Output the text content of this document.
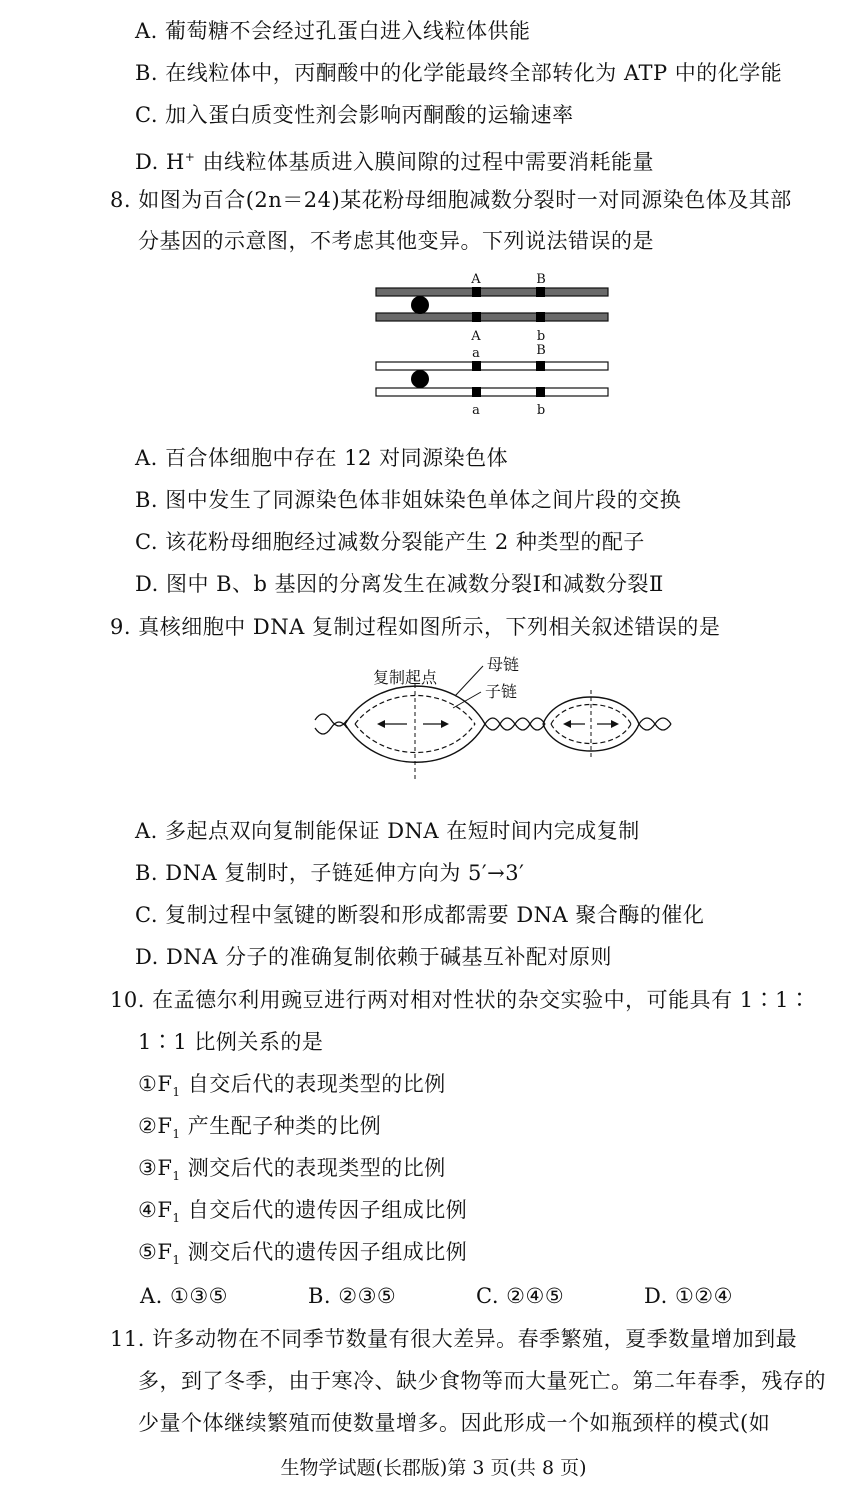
A. 葡萄糖不会经过孔蛋白进入线粒体供能
B. 在线粒体中，丙酮酸中的化学能最终全部转化为 ATP 中的化学能
C. 加入蛋白质变性剂会影响丙酮酸的运输速率
D. H+ 由线粒体基质进入膜间隙的过程中需要消耗能量
8. 如图为百合(2n＝24)某花粉母细胞减数分裂时一对同源染色体及其部
分基因的示意图，不考虑其他变异。下列说法错误的是
A	B
A	b
a	B
a	b
A. 百合体细胞中存在 12 对同源染色体
B. 图中发生了同源染色体非姐妹染色单体之间片段的交换
C. 该花粉母细胞经过减数分裂能产生 2 种类型的配子
D. 图中 B、b 基因的分离发生在减数分裂Ⅰ和减数分裂Ⅱ
9. 真核细胞中 DNA 复制过程如图所示，下列相关叙述错误的是
复制起点
母链
子链
A. 多起点双向复制能保证 DNA 在短时间内完成复制
B. DNA 复制时，子链延伸方向为 5′→3′
C. 复制过程中氢键的断裂和形成都需要 DNA 聚合酶的催化
D. DNA 分子的准确复制依赖于碱基互补配对原则
10. 在孟德尔利用豌豆进行两对相对性状的杂交实验中，可能具有 1∶1∶
1∶1 比例关系的是
$①F_1$ 自交后代的表现类型的比例
$②F_1$ 产生配子种类的比例
$③F_1$ 测交后代的表现类型的比例
$④F_1$ 自交后代的遗传因子组成比例
$⑤F_1$ 测交后代的遗传因子组成比例
A. ①③⑤	B. ②③⑤	C. ②④⑤	D. ①②④
11. 许多动物在不同季节数量有很大差异。春季繁殖，夏季数量增加到最
多，到了冬季，由于寒冷、缺少食物等而大量死亡。第二年春季，残存的
少量个体继续繁殖而使数量增多。因此形成一个如瓶颈样的模式(如
生物学试题(长郡版)第 3 页(共 8 页)
